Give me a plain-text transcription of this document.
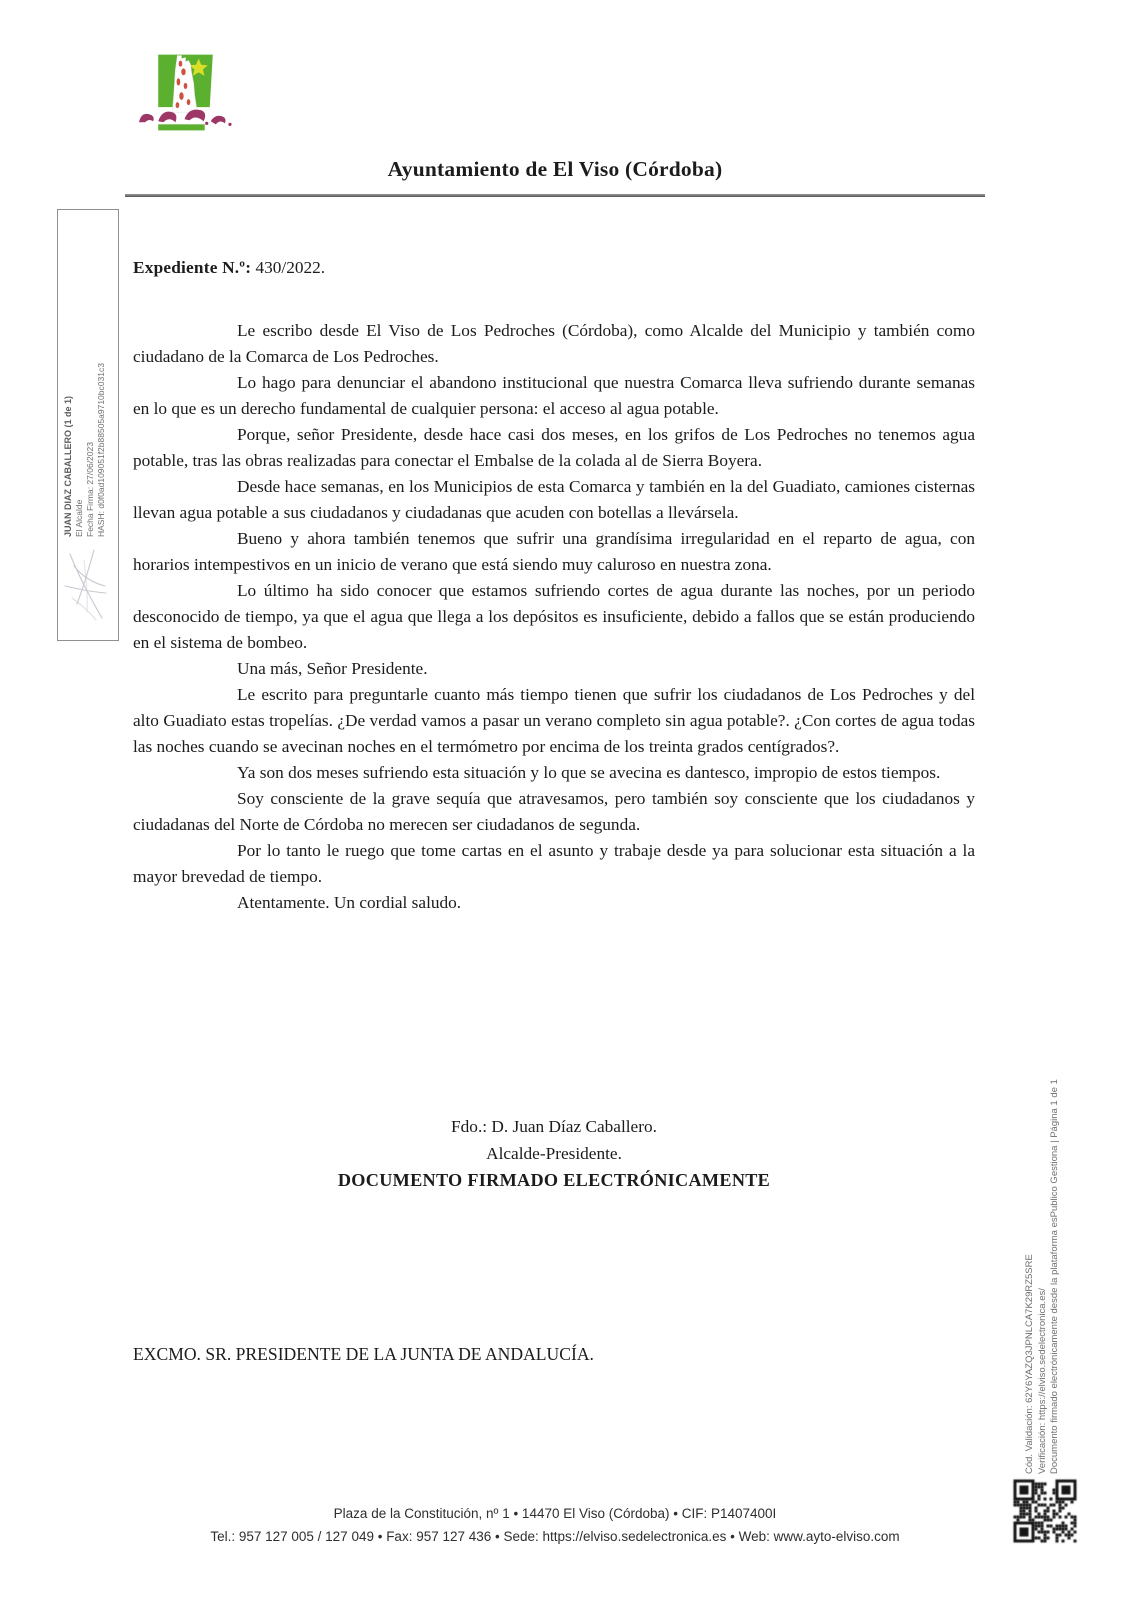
Ayuntamiento de El Viso (Córdoba)
JUAN DIAZ CABALLERO (1 de 1) El Alcalde Fecha Firma: 27/06/2023 HASH: d0f0ad109051f2b88505a9710bc031c3

Expediente N.º: 430/2022.

Le escribo desde El Viso de Los Pedroches (Córdoba), como Alcalde del Municipio y también como ciudadano de la Comarca de Los Pedroches.

Lo hago para denunciar el abandono institucional que nuestra Comarca lleva sufriendo durante semanas en lo que es un derecho fundamental de cualquier persona: el acceso al agua potable.

Porque, señor Presidente, desde hace casi dos meses, en los grifos de Los Pedroches no tenemos agua potable, tras las obras realizadas para conectar el Embalse de la colada al de Sierra Boyera.

Desde hace semanas, en los Municipios de esta Comarca y también en la del Guadiato, camiones cisternas llevan agua potable a sus ciudadanos y ciudadanas que acuden con botellas a llevársela.

Bueno y ahora también tenemos que sufrir una grandísima irregularidad en el reparto de agua, con horarios intempestivos en un inicio de verano que está siendo muy caluroso en nuestra zona.

Lo último ha sido conocer que estamos sufriendo cortes de agua durante las noches, por un periodo desconocido de tiempo, ya que el agua que llega a los depósitos es insuficiente, debido a fallos que se están produciendo en el sistema de bombeo.

Una más, Señor Presidente.

Le escrito para preguntarle cuanto más tiempo tienen que sufrir los ciudadanos de Los Pedroches y del alto Guadiato estas tropelías. ¿De verdad vamos a pasar un verano completo sin agua potable?. ¿Con cortes de agua todas las noches cuando se avecinan noches en el termómetro por encima de los treinta grados centígrados?.

Ya son dos meses sufriendo esta situación y lo que se avecina es dantesco, impropio de estos tiempos.

Soy consciente de la grave sequía que atravesamos, pero también soy consciente que los ciudadanos y ciudadanas del Norte de Córdoba no merecen ser ciudadanos de segunda.

Por lo tanto le ruego que tome cartas en el asunto y trabaje desde ya para solucionar esta situación a la mayor brevedad de tiempo.

Atentamente. Un cordial saludo.

Fdo.: D. Juan Díaz Caballero.
Alcalde-Presidente.
DOCUMENTO FIRMADO ELECTRÓNICAMENTE
EXCMO. SR. PRESIDENTE DE LA JUNTA DE ANDALUCÍA.
Plaza de la Constitución, nº 1 • 14470 El Viso (Córdoba) • CIF: P1407400I
Tel.: 957 127 005 / 127 049 • Fax: 957 127 436 • Sede: https://elviso.sedelectronica.es • Web: www.ayto-elviso.com
Cód. Validación: 62Y6YAZQ3JPNLCA7K29RZ5SRE Verificación: https://elviso.sedelectronica.es/ Documento firmado electrónicamente desde la plataforma esPublico Gestiona | Página 1 de 1
